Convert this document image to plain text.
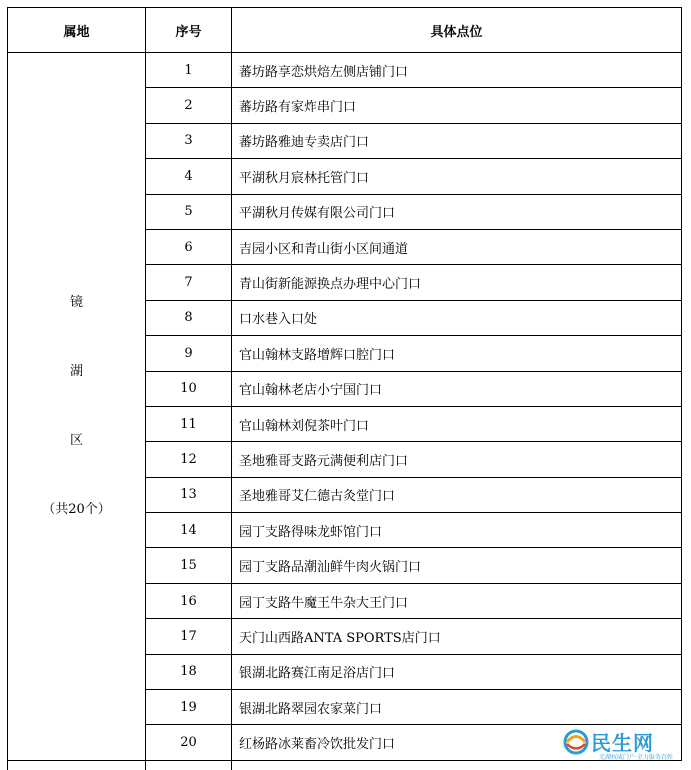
属地	序号	具体点位

镜
湖
区
（共20个）	1	蕃坊路享恋烘焙左侧店铺门口
	2	蕃坊路有家炸串门口
	3	蕃坊路雅迪专卖店门口
	4	平湖秋月宸林托管门口
	5	平湖秋月传媒有限公司门口
	6	吉园小区和青山街小区间通道
	7	青山街新能源换点办理中心门口
	8	口水巷入口处
	9	官山翰林支路增辉口腔门口
	10	官山翰林老店小宁国门口
	11	官山翰林刘倪茶叶门口
	12	圣地雅哥支路元满便利店门口
	13	圣地雅哥艾仁德古灸堂门口
	14	园丁支路得味龙虾馆门口
	15	园丁支路品潮汕鲜牛肉火锅门口
	16	园丁支路牛魔王牛杂大王门口
	17	天门山西路ANTA SPORTS店门口
	18	银湖北路赛江南足浴店门口
	19	银湖北路翠园农家菜门口
	20	红杨路冰莱畜冷饮批发门口	民生网
芜湖权威门户·全力服务百姓
